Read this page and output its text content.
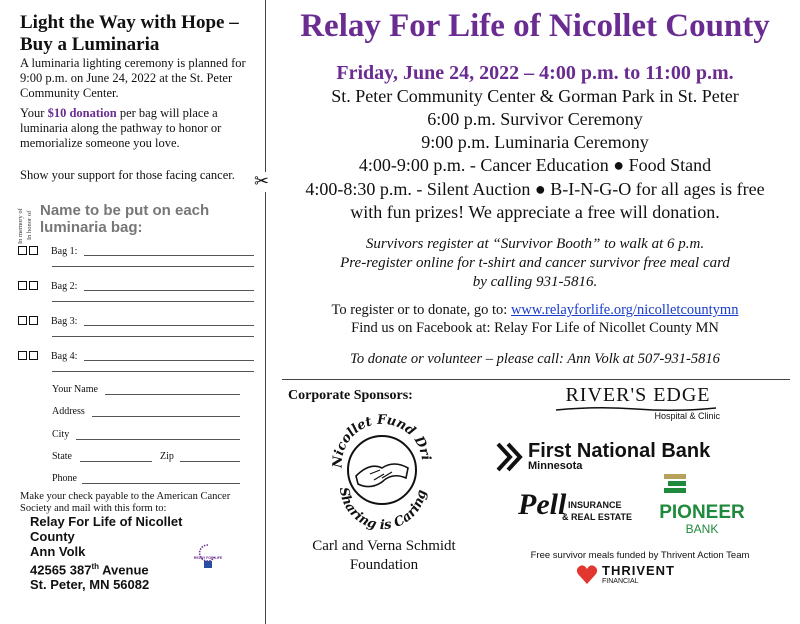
✂
Light the Way with Hope – Buy a Luminaria
A luminaria lighting ceremony is planned for 9:00 p.m. on June 24, 2022 at the St. Peter Community Center.
Your $10 donation per bag will place a luminaria along the pathway to honor or memorialize someone you love.
Show your support for those facing cancer.
In memory of In honor of
Name to be put on each luminaria bag:
Bag 1:
Bag 2:
Bag 3:
Bag 4:
Your Name
Address
City
State	Zip
Phone
Make your check payable to the American Cancer Society and mail with this form to:
Relay For Life of Nicollet County
Ann Volk
42565 387th Avenue
St. Peter, MN 56082
RELAY FOR LIFE
Relay For Life of Nicollet County
Friday, June 24, 2022 – 4:00 p.m. to 11:00 p.m.
St. Peter Community Center & Gorman Park in St. Peter
6:00 p.m. Survivor Ceremony
9:00 p.m. Luminaria Ceremony
4:00-9:00 p.m. - Cancer Education ● Food Stand
4:00-8:30 p.m. - Silent Auction ● B-I-N-G-O for all ages is free
with fun prizes! We appreciate a free will donation.
Survivors register at “Survivor Booth” to walk at 6 p.m.
Pre-register online for t-shirt and cancer survivor free meal card
by calling 931-5816.
To register or to donate, go to: www.relayforlife.org/nicolletcountymn
Find us on Facebook at: Relay For Life of Nicollet County MN
To donate or volunteer – please call: Ann Volk at 507-931-5816
Corporate Sponsors:
Nicollet Fund Dri
Sharing is Caring
Carl and Verna Schmidt
Foundation
RIVER'S EDGE
Hospital & Clinic
First National Bank
Minnesota
Pell INSURANCE
& REAL ESTATE	PIONEER
BANK
Free survivor meals funded by Thrivent Action Team
THRIVENT
FINANCIAL
